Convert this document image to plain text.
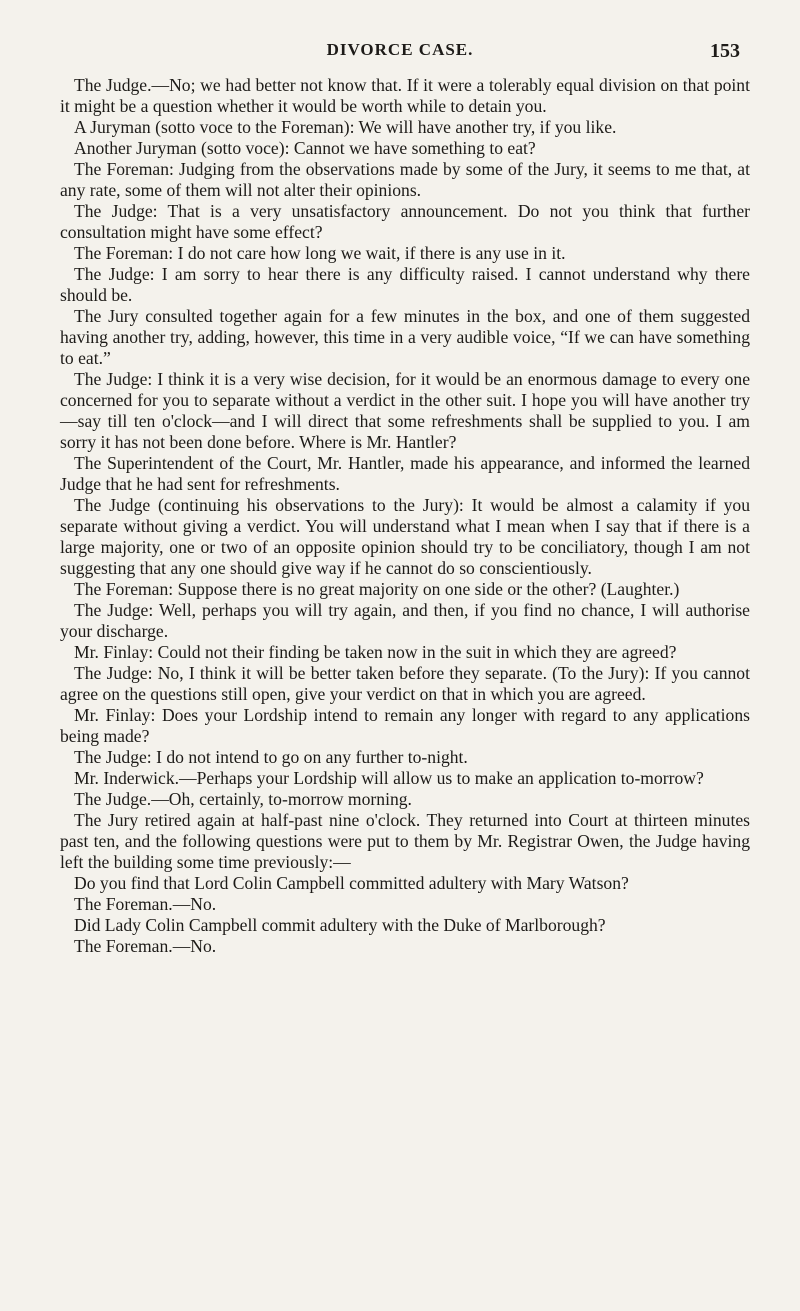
DIVORCE CASE.	153

The Judge.—No; we had better not know that. If it were a tolerably equal division on that point it might be a question whether it would be worth while to detain you.

A Juryman (sotto voce to the Foreman): We will have another try, if you like.

Another Juryman (sotto voce): Cannot we have something to eat?

The Foreman: Judging from the observations made by some of the Jury, it seems to me that, at any rate, some of them will not alter their opinions.

The Judge: That is a very unsatisfactory announcement. Do not you think that further consultation might have some effect?

The Foreman: I do not care how long we wait, if there is any use in it.

The Judge: I am sorry to hear there is any difficulty raised. I cannot understand why there should be.

The Jury consulted together again for a few minutes in the box, and one of them suggested having another try, adding, however, this time in a very audible voice, “If we can have something to eat.”

The Judge: I think it is a very wise decision, for it would be an enormous damage to every one concerned for you to separate without a verdict in the other suit. I hope you will have another try—say till ten o'clock—and I will direct that some refreshments shall be supplied to you. I am sorry it has not been done before. Where is Mr. Hantler?

The Superintendent of the Court, Mr. Hantler, made his appearance, and informed the learned Judge that he had sent for refreshments.

The Judge (continuing his observations to the Jury): It would be almost a calamity if you separate without giving a verdict. You will understand what I mean when I say that if there is a large majority, one or two of an opposite opinion should try to be conciliatory, though I am not suggesting that any one should give way if he cannot do so conscientiously.

The Foreman: Suppose there is no great majority on one side or the other? (Laughter.)

The Judge: Well, perhaps you will try again, and then, if you find no chance, I will authorise your discharge.

Mr. Finlay: Could not their finding be taken now in the suit in which they are agreed?

The Judge: No, I think it will be better taken before they separate. (To the Jury): If you cannot agree on the questions still open, give your verdict on that in which you are agreed.

Mr. Finlay: Does your Lordship intend to remain any longer with regard to any applications being made?

The Judge: I do not intend to go on any further to-night.

Mr. Inderwick.—Perhaps your Lordship will allow us to make an application to-morrow?

The Judge.—Oh, certainly, to-morrow morning.

The Jury retired again at half-past nine o'clock. They returned into Court at thirteen minutes past ten, and the following questions were put to them by Mr. Registrar Owen, the Judge having left the building some time previously:—

Do you find that Lord Colin Campbell committed adultery with Mary Watson?

The Foreman.—No.

Did Lady Colin Campbell commit adultery with the Duke of Marlborough?

The Foreman.—No.
